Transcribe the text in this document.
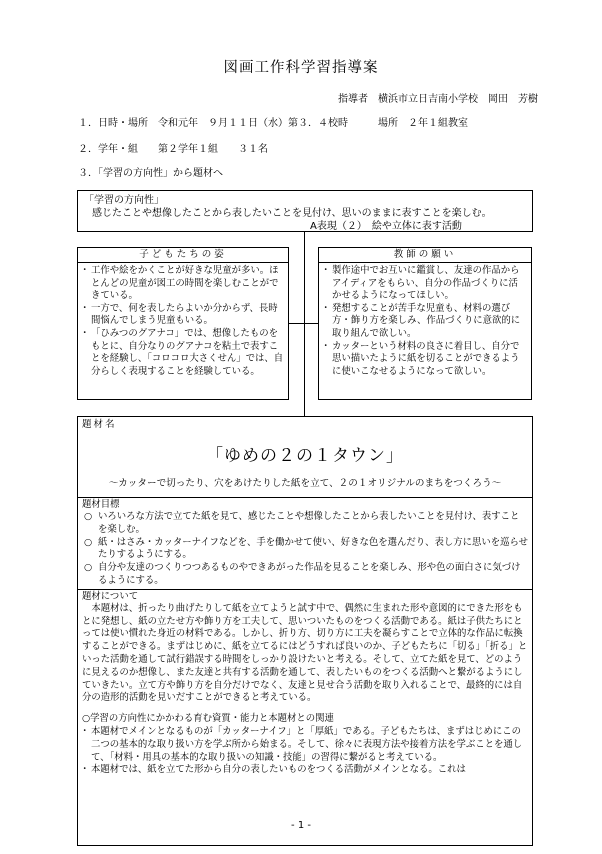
図画工作科学習指導案
指導者　横浜市立日吉南小学校　岡田　芳樹
１．日時・場所　令和元年　９月１１日（水）第３．４校時　　　場所　２年１組教室
２．学年・組　　第２学年１組　　３１名
３．「学習の方向性」から題材へ
「学習の方向性」
感じたことや想像したことから表したいことを見付け、思いのままに表すことを楽しむ。
A表現（２）　絵や立体に表す活動
子どもたちの姿
・ 工作や絵をかくことが好きな児童が多い。ほとんどの児童が図工の時間を楽しむことができている。
・ 一方で、何を表したらよいか分からず、長時間悩んでしまう児童もいる。
・ 「ひみつのグアナコ」では、想像したものをもとに、自分なりのグアナコを粘土で表すことを経験し、「コロコロ大さくせん」では、自分らしく表現することを経験している。
教師の願い
・ 製作途中でお互いに鑑賞し、友達の作品からアイディアをもらい、自分の作品づくりに活かせるようになってほしい。
・ 発想することが苦手な児童も、材料の選び方・飾り方を楽しみ、作品づくりに意欲的に取り組んで欲しい。
・ カッターという材料の良さに着目し、自分で思い描いたように紙を切ることができるように使いこなせるようになって欲しい。
題材名
「ゆめの２の１タウン」
～カッターで切ったり、穴をあけたりした紙を立て、２の１オリジナルのまちをつくろう～
題材目標
○ いろいろな方法で立てた紙を見て、感じたことや想像したことから表したいことを見付け、表すことを楽しむ。
○ 紙・はさみ・カッターナイフなどを、手を働かせて使い、好きな色を選んだり、表し方に思いを巡らせたりするようにする。
○ 自分や友達のつくりつつあるものやできあがった作品を見ることを楽しみ、形や色の面白さに気づけるようにする。
題材について

本題材は、折ったり曲げたりして紙を立てようと試す中で、偶然に生まれた形や意図的にできた形をもとに発想し、紙の立たせ方や飾り方を工夫して、思いついたものをつくる活動である。紙は子供たちにとっては使い慣れた身近の材料である。しかし、折り方、切り方に工夫を凝らすことで立体的な作品に転換することができる。まずはじめに、紙を立てるにはどうすれば良いのか、子どもたちに「切る」「折る」といった活動を通して試行錯誤する時間をしっかり設けたいと考える。そして、立てた紙を見て、どのように見えるのか想像し、また友達と共有する活動を通して、表したいものをつくる活動へと繋がるようにしていきたい。立て方や飾り方を自分だけでなく、友達と見せ合う活動を取り入れることで、最終的には自分の造形的活動を見いだすことができると考えている。

○学習の方向性にかかわる育む資質・能力と本題材との関連

・ 本題材でメインとなるものが「カッターナイフ」と「厚紙」である。子どもたちは、まずはじめにこの二つの基本的な取り扱い方を学ぶ所から始まる。そして、徐々に表現方法や接着方法を学ぶことを通して、「材料・用具の基本的な取り扱いの知識・技能」の習得に繋がると考えている。
・ 本題材では、紙を立てた形から自分の表したいものをつくる活動がメインとなる。これは
- 1 -
